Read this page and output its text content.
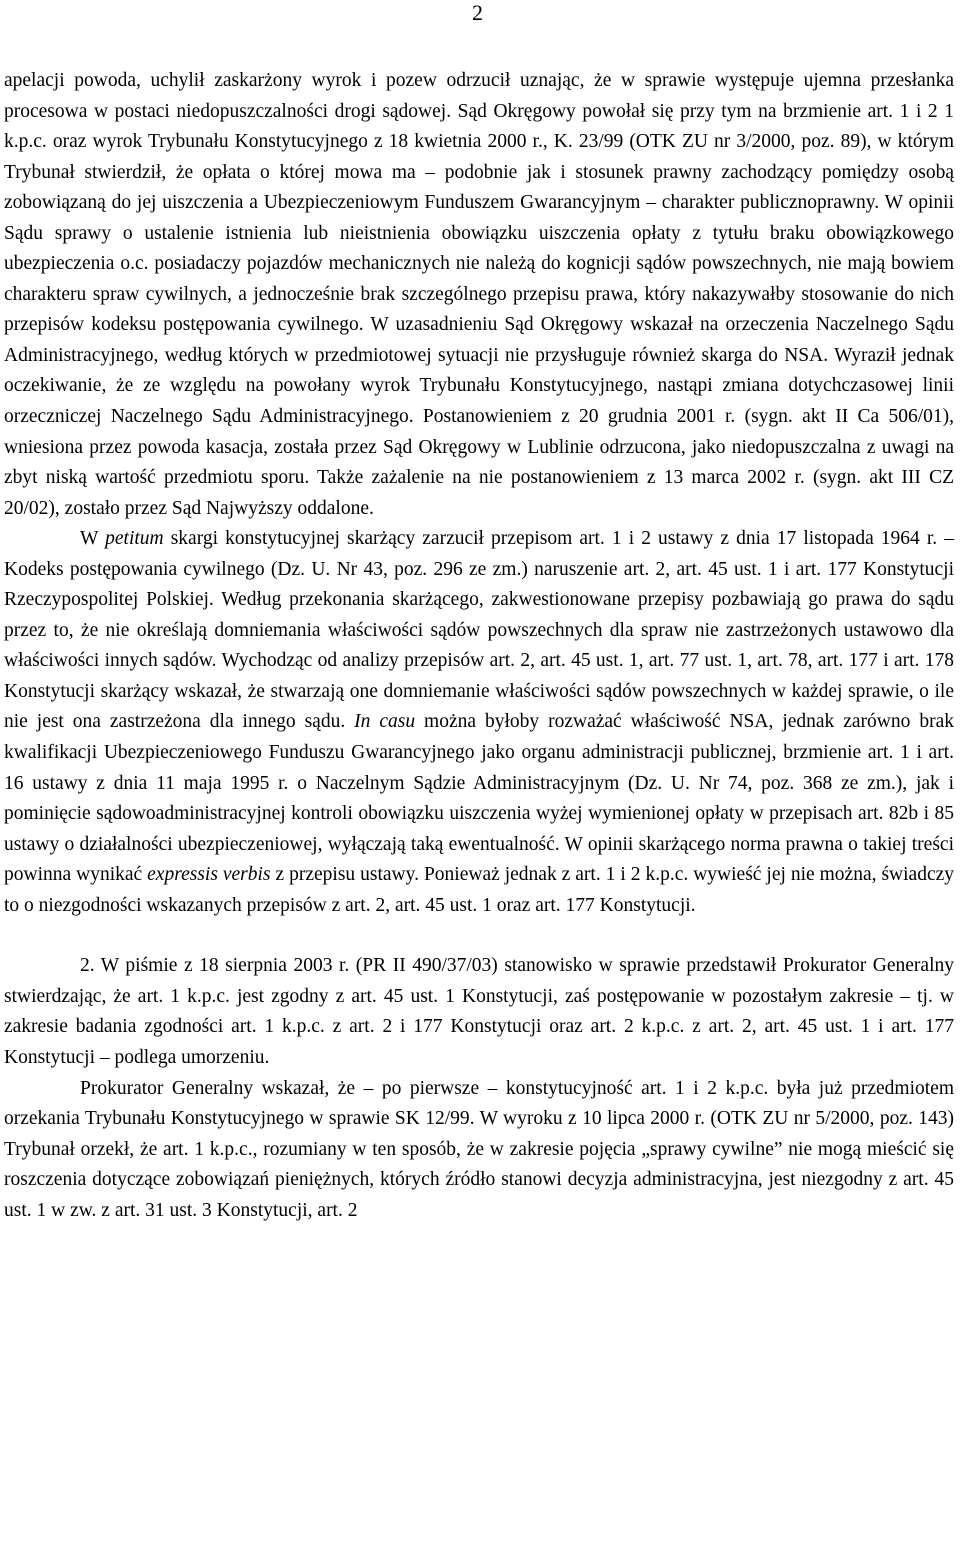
2

apelacji powoda, uchylił zaskarżony wyrok i pozew odrzucił uznając, że w sprawie występuje ujemna przesłanka procesowa w postaci niedopuszczalności drogi sądowej. Sąd Okręgowy powołał się przy tym na brzmienie art. 1 i 2 1 k.p.c. oraz wyrok Trybunału Konstytucyjnego z 18 kwietnia 2000 r., K. 23/99 (OTK ZU nr 3/2000, poz. 89), w którym Trybunał stwierdził, że opłata o której mowa ma – podobnie jak i stosunek prawny zachodzący pomiędzy osobą zobowiązaną do jej uiszczenia a Ubezpieczeniowym Funduszem Gwarancyjnym – charakter publicznoprawny. W opinii Sądu sprawy o ustalenie istnienia lub nieistnienia obowiązku uiszczenia opłaty z tytułu braku obowiązkowego ubezpieczenia o.c. posiadaczy pojazdów mechanicznych nie należą do kognicji sądów powszechnych, nie mają bowiem charakteru spraw cywilnych, a jednocześnie brak szczególnego przepisu prawa, który nakazywałby stosowanie do nich przepisów kodeksu postępowania cywilnego. W uzasadnieniu Sąd Okręgowy wskazał na orzeczenia Naczelnego Sądu Administracyjnego, według których w przedmiotowej sytuacji nie przysługuje również skarga do NSA. Wyraził jednak oczekiwanie, że ze względu na powołany wyrok Trybunału Konstytucyjnego, nastąpi zmiana dotychczasowej linii orzeczniczej Naczelnego Sądu Administracyjnego. Postanowieniem z 20 grudnia 2001 r. (sygn. akt II Ca 506/01), wniesiona przez powoda kasacja, została przez Sąd Okręgowy w Lublinie odrzucona, jako niedopuszczalna z uwagi na zbyt niską wartość przedmiotu sporu. Także zażalenie na nie postanowieniem z 13 marca 2002 r. (sygn. akt III CZ 20/02), zostało przez Sąd Najwyższy oddalone.

W petitum skargi konstytucyjnej skarżący zarzucił przepisom art. 1 i 2 ustawy z dnia 17 listopada 1964 r. – Kodeks postępowania cywilnego (Dz. U. Nr 43, poz. 296 ze zm.) naruszenie art. 2, art. 45 ust. 1 i art. 177 Konstytucji Rzeczypospolitej Polskiej. Według przekonania skarżącego, zakwestionowane przepisy pozbawiają go prawa do sądu przez to, że nie określają domniemania właściwości sądów powszechnych dla spraw nie zastrzeżonych ustawowo dla właściwości innych sądów. Wychodząc od analizy przepisów art. 2, art. 45 ust. 1, art. 77 ust. 1, art. 78, art. 177 i art. 178 Konstytucji skarżący wskazał, że stwarzają one domniemanie właściwości sądów powszechnych w każdej sprawie, o ile nie jest ona zastrzeżona dla innego sądu. In casu można byłoby rozważać właściwość NSA, jednak zarówno brak kwalifikacji Ubezpieczeniowego Funduszu Gwarancyjnego jako organu administracji publicznej, brzmienie art. 1 i art. 16 ustawy z dnia 11 maja 1995 r. o Naczelnym Sądzie Administracyjnym (Dz. U. Nr 74, poz. 368 ze zm.), jak i pominięcie sądowoadministracyjnej kontroli obowiązku uiszczenia wyżej wymienionej opłaty w przepisach art. 82b i 85 ustawy o działalności ubezpieczeniowej, wyłączają taką ewentualność. W opinii skarżącego norma prawna o takiej treści powinna wynikać expressis verbis z przepisu ustawy. Ponieważ jednak z art. 1 i 2 k.p.c. wywieść jej nie można, świadczy to o niezgodności wskazanych przepisów z art. 2, art. 45 ust. 1 oraz art. 177 Konstytucji.

2. W piśmie z 18 sierpnia 2003 r. (PR II 490/37/03) stanowisko w sprawie przedstawił Prokurator Generalny stwierdzając, że art. 1 k.p.c. jest zgodny z art. 45 ust. 1 Konstytucji, zaś postępowanie w pozostałym zakresie – tj. w zakresie badania zgodności art. 1 k.p.c. z art. 2 i 177 Konstytucji oraz art. 2 k.p.c. z art. 2, art. 45 ust. 1 i art. 177 Konstytucji – podlega umorzeniu.

Prokurator Generalny wskazał, że – po pierwsze – konstytucyjność art. 1 i 2 k.p.c. była już przedmiotem orzekania Trybunału Konstytucyjnego w sprawie SK 12/99. W wyroku z 10 lipca 2000 r. (OTK ZU nr 5/2000, poz. 143) Trybunał orzekł, że art. 1 k.p.c., rozumiany w ten sposób, że w zakresie pojęcia „sprawy cywilne” nie mogą mieścić się roszczenia dotyczące zobowiązań pieniężnych, których źródło stanowi decyzja administracyjna, jest niezgodny z art. 45 ust. 1 w zw. z art. 31 ust. 3 Konstytucji, art. 2
